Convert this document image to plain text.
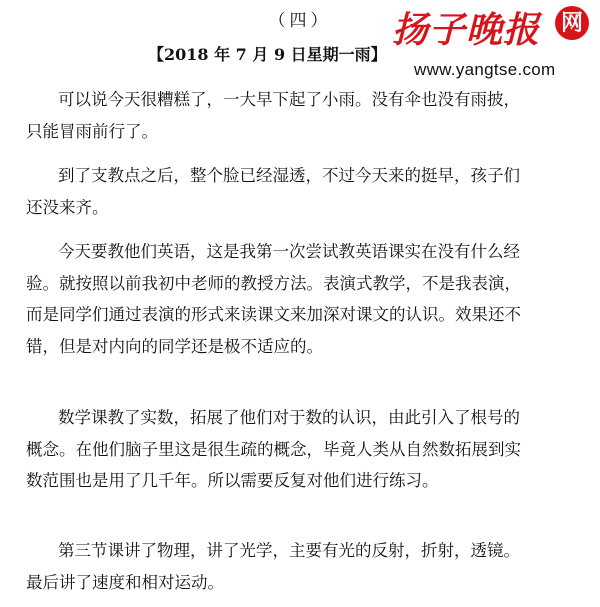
（四）
【2018 年 7 月 9 日星期一雨】
扬子晚报 网
www.yangtse.com
可以说今天很糟糕了，一大早下起了小雨。没有伞也没有雨披，
只能冒雨前行了。
到了支教点之后，整个脸已经湿透，不过今天来的挺早，孩子们
还没来齐。
今天要教他们英语，这是我第一次尝试教英语课实在没有什么经
验。就按照以前我初中老师的教授方法。表演式教学，不是我表演，
而是同学们通过表演的形式来读课文来加深对课文的认识。效果还不
错，但是对内向的同学还是极不适应的。
数学课教了实数，拓展了他们对于数的认识，由此引入了根号的
概念。在他们脑子里这是很生疏的概念，毕竟人类从自然数拓展到实
数范围也是用了几千年。所以需要反复对他们进行练习。
第三节课讲了物理，讲了光学，主要有光的反射，折射，透镜。
最后讲了速度和相对运动。
